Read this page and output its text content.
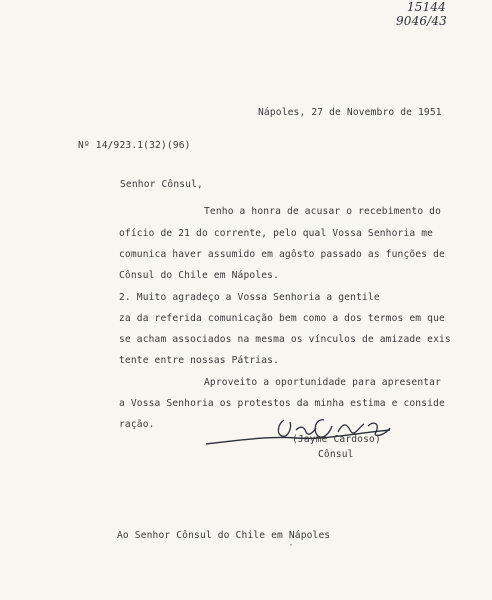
15144
9046/43
Nápoles, 27 de Novembro de 1951
Nº 14/923.1(32)(96)
Senhor Cônsul,
Tenho a honra de acusar o recebimento do
ofício de 21 do corrente, pelo qual Vossa Senhoria me
comunica haver assumido em agôsto passado as funções de
Cônsul do Chile em Nápoles.
2. Muito agradeço a Vossa Senhoria a gentile
za da referida comunicação bem como a dos termos em que
se acham associados na mesma os vínculos de amizade exis
tente entre nossas Pátrias.
Aproveito a oportunidade para apresentar
a Vossa Senhoria os protestos da minha estima e conside
ração.
(Jayme Cardoso)
Cônsul
Ao Senhor Cônsul do Chile em Nápoles
·
